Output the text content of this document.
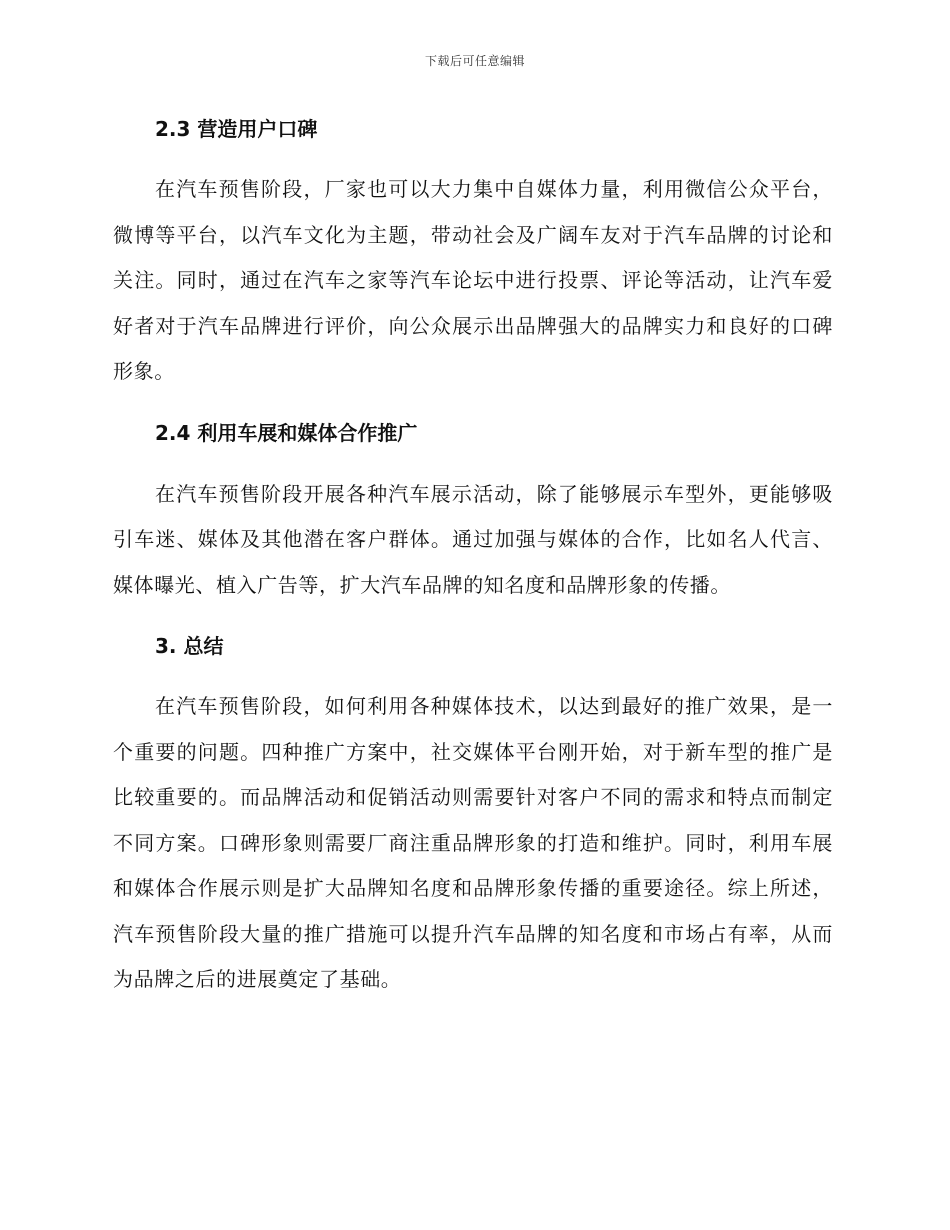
下载后可任意编辑
2.3 营造用户口碑

在汽车预售阶段，厂家也可以大力集中自媒体力量，利用微信公众平台，微博等平台，以汽车文化为主题，带动社会及广阔车友对于汽车品牌的讨论和关注。同时，通过在汽车之家等汽车论坛中进行投票、评论等活动，让汽车爱好者对于汽车品牌进行评价，向公众展示出品牌强大的品牌实力和良好的口碑形象。

2.4 利用车展和媒体合作推广

在汽车预售阶段开展各种汽车展示活动，除了能够展示车型外，更能够吸引车迷、媒体及其他潜在客户群体。通过加强与媒体的合作，比如名人代言、媒体曝光、植入广告等，扩大汽车品牌的知名度和品牌形象的传播。

3. 总结

在汽车预售阶段，如何利用各种媒体技术，以达到最好的推广效果，是一个重要的问题。四种推广方案中，社交媒体平台刚开始，对于新车型的推广是比较重要的。而品牌活动和促销活动则需要针对客户不同的需求和特点而制定不同方案。口碑形象则需要厂商注重品牌形象的打造和维护。同时，利用车展和媒体合作展示则是扩大品牌知名度和品牌形象传播的重要途径。综上所述，汽车预售阶段大量的推广措施可以提升汽车品牌的知名度和市场占有率，从而为品牌之后的进展奠定了基础。
